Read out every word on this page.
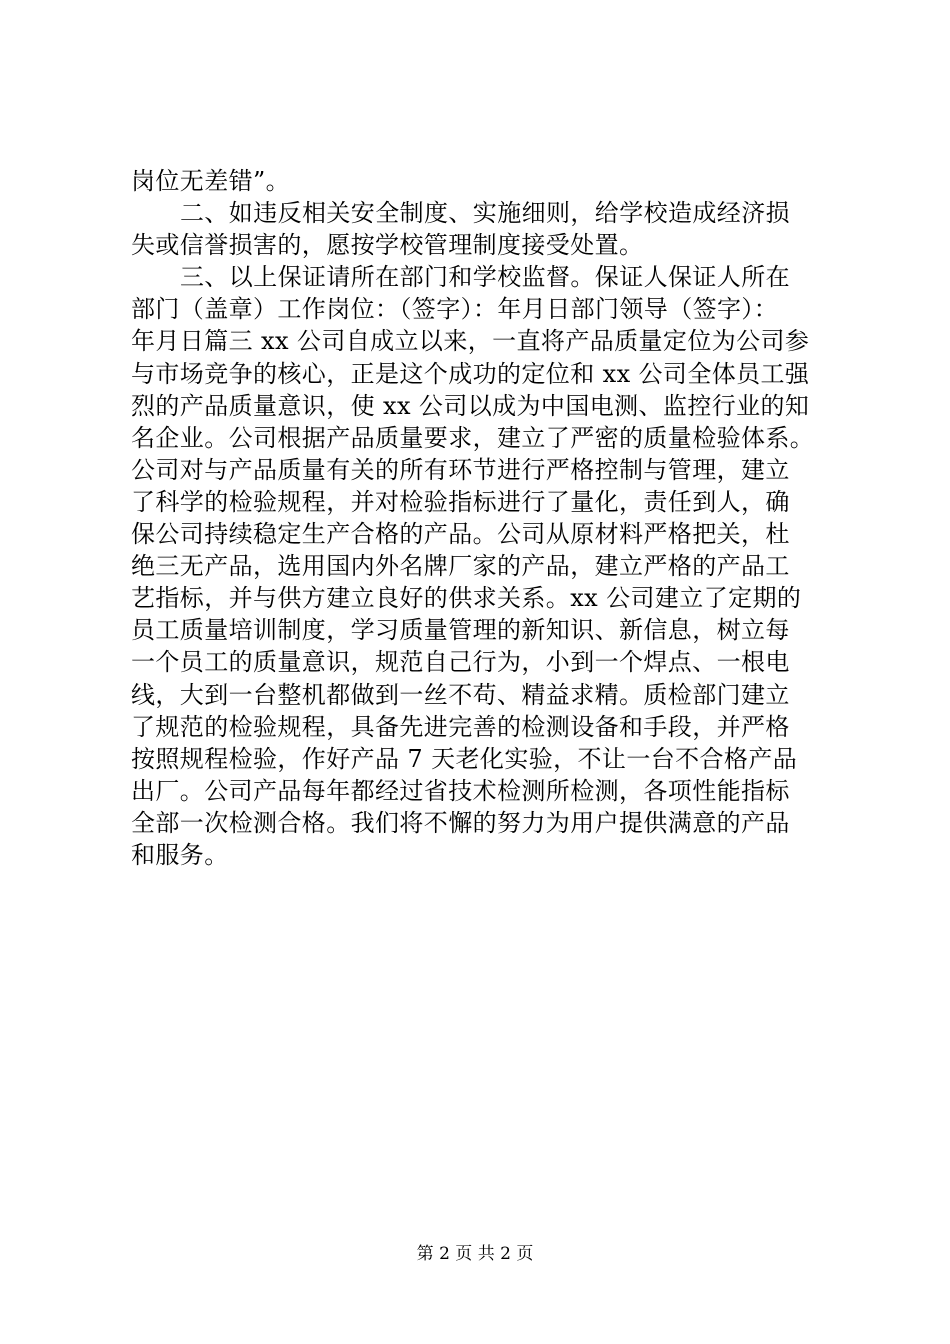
岗位无差错”。
二、如违反相关安全制度、实施细则，给学校造成经济损
失或信誉损害的，愿按学校管理制度接受处置。
三、以上保证请所在部门和学校监督。保证人保证人所在
部门（盖章）工作岗位：（签字）：年月日部门领导（签字）：
年月日篇三 xx 公司自成立以来，一直将产品质量定位为公司参
与市场竞争的核心，正是这个成功的定位和 xx 公司全体员工强
烈的产品质量意识，使 xx 公司以成为中国电测、监控行业的知
名企业。公司根据产品质量要求，建立了严密的质量检验体系。
公司对与产品质量有关的所有环节进行严格控制与管理，建立
了科学的检验规程，并对检验指标进行了量化，责任到人，确
保公司持续稳定生产合格的产品。公司从原材料严格把关，杜
绝三无产品，选用国内外名牌厂家的产品，建立严格的产品工
艺指标，并与供方建立良好的供求关系。xx 公司建立了定期的
员工质量培训制度，学习质量管理的新知识、新信息，树立每
一个员工的质量意识，规范自己行为，小到一个焊点、一根电
线，大到一台整机都做到一丝不苟、精益求精。质检部门建立
了规范的检验规程，具备先进完善的检测设备和手段，并严格
按照规程检验，作好产品 7 天老化实验，不让一台不合格产品
出厂。公司产品每年都经过省技术检测所检测，各项性能指标
全部一次检测合格。我们将不懈的努力为用户提供满意的产品
和服务。
第 2 页 共 2 页
